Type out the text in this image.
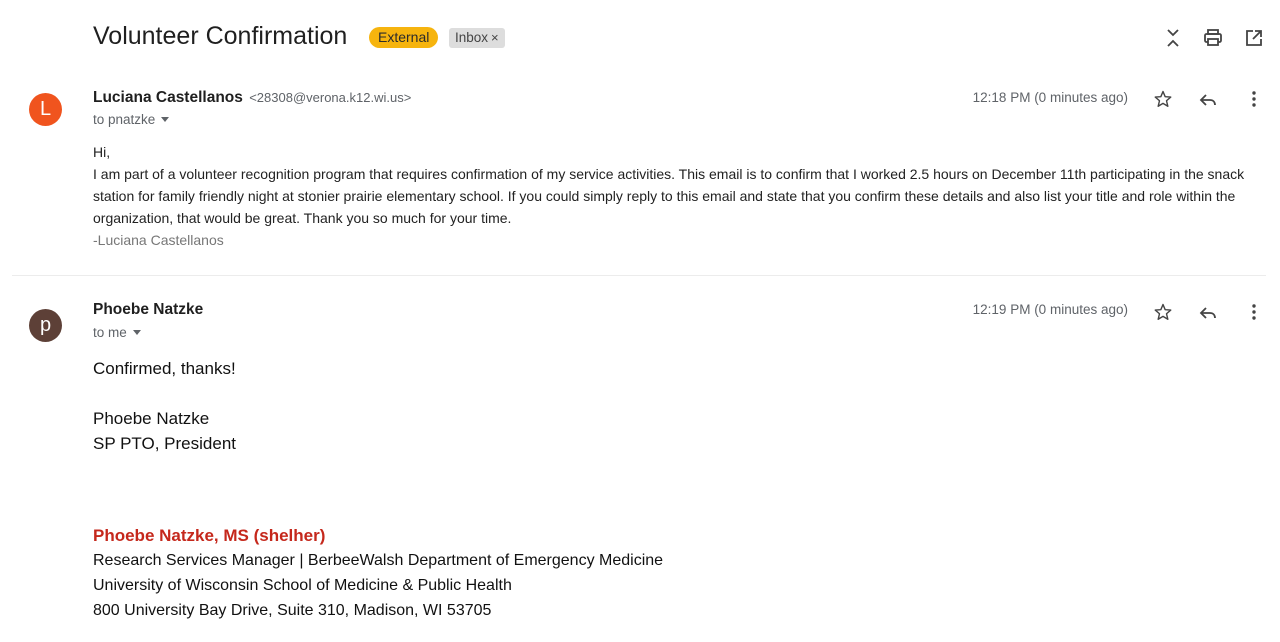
Volunteer Confirmation	External	Inbox ×
L
Luciana Castellanos <28308@verona.k12.wi.us>
to pnatzke
12:18 PM (0 minutes ago)
Hi,
I am part of a volunteer recognition program that requires confirmation of my service activities. This email is to confirm that I worked 2.5 hours on December 11th participating in the snack station for family friendly night at stonier prairie elementary school. If you could simply reply to this email and state that you confirm these details and also list your title and role within the organization, that would be great. Thank you so much for your time.
-Luciana Castellanos
p
Phoebe Natzke
to me
12:19 PM (0 minutes ago)
Confirmed, thanks!
Phoebe Natzke
SP PTO, President
Phoebe Natzke, MS (shelher)
Research Services Manager | BerbeeWalsh Department of Emergency Medicine
University of Wisconsin School of Medicine & Public Health
800 University Bay Drive, Suite 310, Madison, WI 53705
